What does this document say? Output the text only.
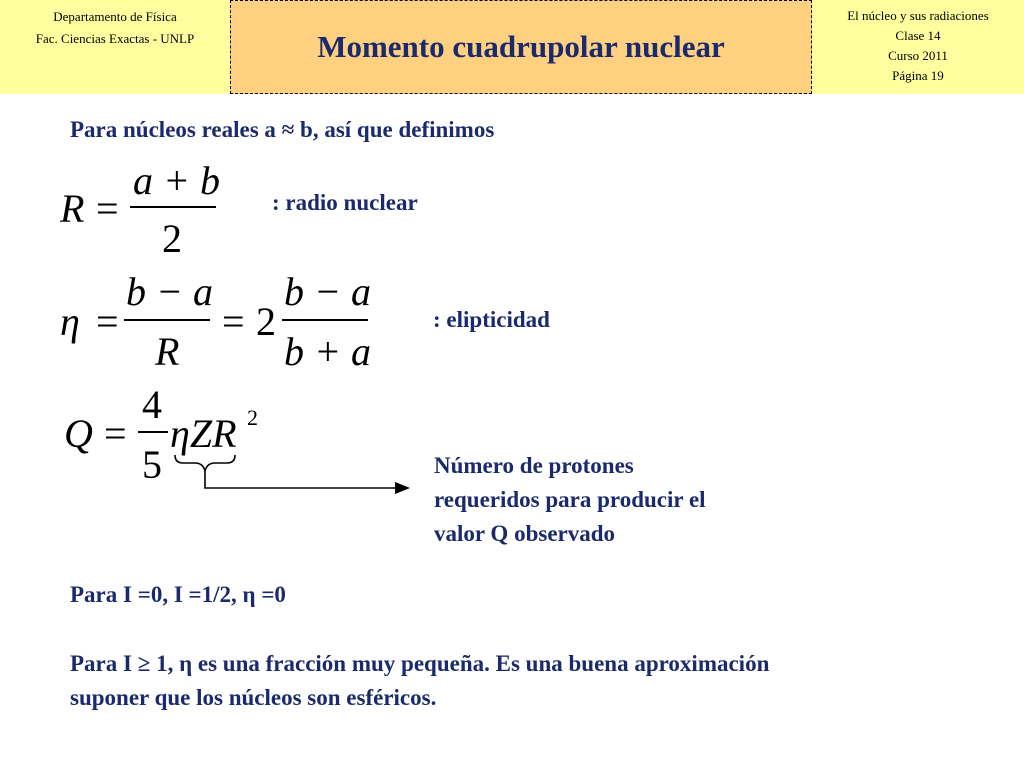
Departamento de Física
Fac. Ciencias Exactas - UNLP	Momento cuadrupolar nuclear
El núcleo y sus radiaciones
Clase 14
Curso 2011
Página 19
Para núcleos reales a ≈ b, así que definimos
: radio nuclear
: elipticidad
Número de protones
requeridos para producir el
valor Q observado
Para I =0, I =1/2, η =0
Para I ≥ 1, η es una fracción muy pequeña. Es una buena aproximación
suponer que los núcleos son esféricos.
R =
a + b
2
η =
b − a
R
= 2
b − a
b + a
Q =
4
5
ηZR 2
